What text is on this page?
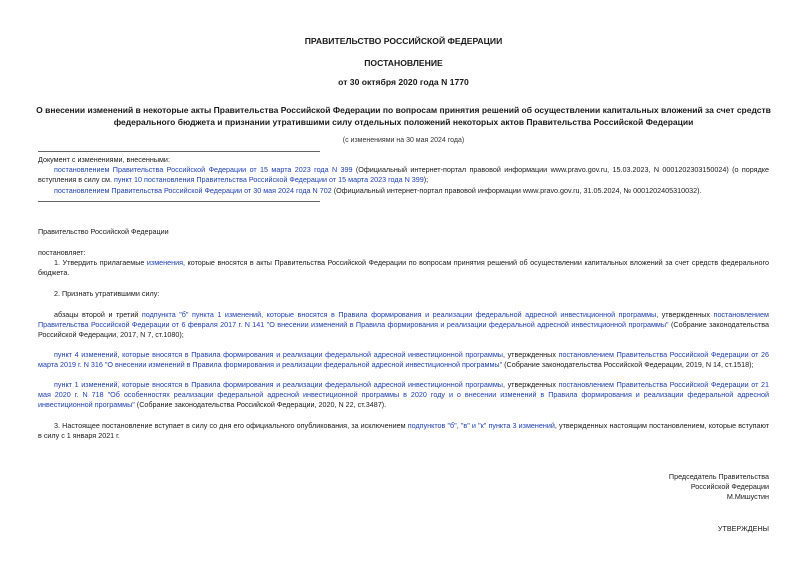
ПРАВИТЕЛЬСТВО РОССИЙСКОЙ ФЕДЕРАЦИИ
ПОСТАНОВЛЕНИЕ
от 30 октября 2020 года N 1770
О внесении изменений в некоторые акты Правительства Российской Федерации по вопросам принятия решений об осуществлении капитальных вложений за счет средств федерального бюджета и признании утратившими силу отдельных положений некоторых актов Правительства Российской Федерации
(с изменениями на 30 мая 2024 года)
Документ с изменениями, внесенными:
постановлением Правительства Российской Федерации от 15 марта 2023 года N 399 (Официальный интернет-портал правовой информации www.pravo.gov.ru, 15.03.2023, N 0001202303150024) (о порядке вступления в силу см. пункт 10 постановления Правительства Российской Федерации от 15 марта 2023 года N 399);
постановлением Правительства Российской Федерации от 30 мая 2024 года N 702 (Официальный интернет-портал правовой информации www.pravo.gov.ru, 31.05.2024, № 0001202405310032).
Правительство Российской Федерации
постановляет:
1. Утвердить прилагаемые изменения, которые вносятся в акты Правительства Российской Федерации по вопросам принятия решений об осуществлении капитальных вложений за счет средств федерального бюджета.
2. Признать утратившими силу:
абзацы второй и третий подпункта "б" пункта 1 изменений, которые вносятся в Правила формирования и реализации федеральной адресной инвестиционной программы, утвержденных постановлением Правительства Российской Федерации от 6 февраля 2017 г. N 141 "О внесении изменений в Правила формирования и реализации федеральной адресной инвестиционной программы" (Собрание законодательства Российской Федерации, 2017, N 7, ст.1080);
пункт 4 изменений, которые вносятся в Правила формирования и реализации федеральной адресной инвестиционной программы, утвержденных постановлением Правительства Российской Федерации от 26 марта 2019 г. N 316 "О внесении изменений в Правила формирования и реализации федеральной адресной инвестиционной программы" (Собрание законодательства Российской Федерации, 2019, N 14, ст.1518);
пункт 1 изменений, которые вносятся в Правила формирования и реализации федеральной адресной инвестиционной программы, утвержденных постановлением Правительства Российской Федерации от 21 мая 2020 г. N 718 "Об особенностях реализации федеральной адресной инвестиционной программы в 2020 году и о внесении изменений в Правила формирования и реализации федеральной адресной инвестиционной программы" (Собрание законодательства Российской Федерации, 2020, N 22, ст.3487).
3. Настоящее постановление вступает в силу со дня его официального опубликования, за исключением подпунктов "б", "в" и "к" пункта 3 изменений, утвержденных настоящим постановлением, которые вступают в силу с 1 января 2021 г.
Председатель Правительства
Российской Федерации
М.Мишустин
УТВЕРЖДЕНЫ
